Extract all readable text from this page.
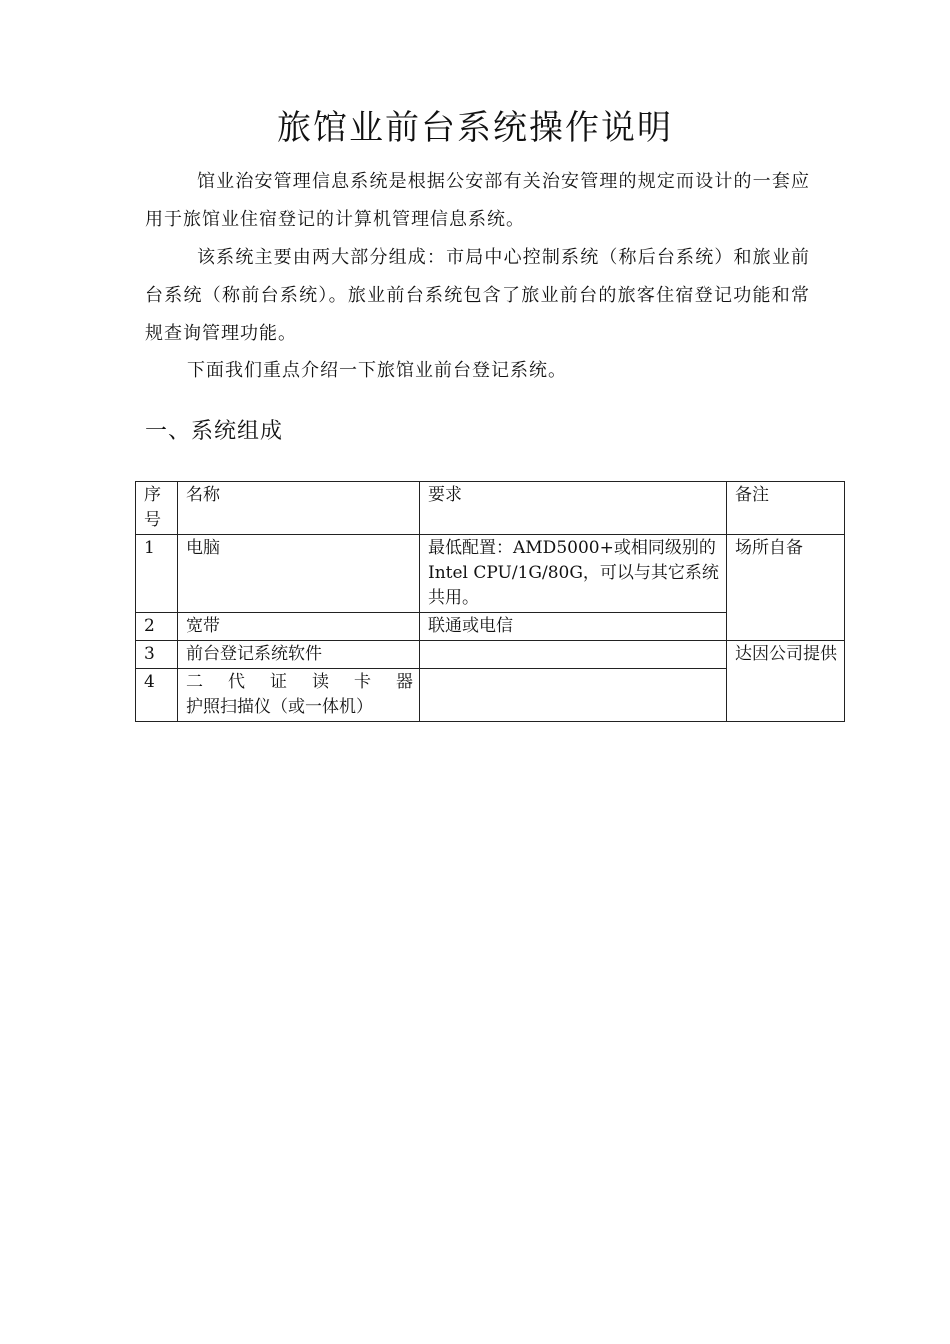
旅馆业前台系统操作说明
馆业治安管理信息系统是根据公安部有关治安管理的规定而设计的一套应用于旅馆业住宿登记的计算机管理信息系统。
该系统主要由两大部分组成：市局中心控制系统（称后台系统）和旅业前台系统（称前台系统）。旅业前台系统包含了旅业前台的旅客住宿登记功能和常规查询管理功能。
下面我们重点介绍一下旅馆业前台登记系统。
一、系统组成
序号	名称	要求	备注
1	电脑	最低配置：AMD5000+或相同级别的 Intel CPU/1G/80G，可以与其它系统共用。	场所自备
2	宽带	联通或电信	
3	前台登记系统软件		达因公司提供
4	二代证读卡器
护照扫描仪（或一体机）		
